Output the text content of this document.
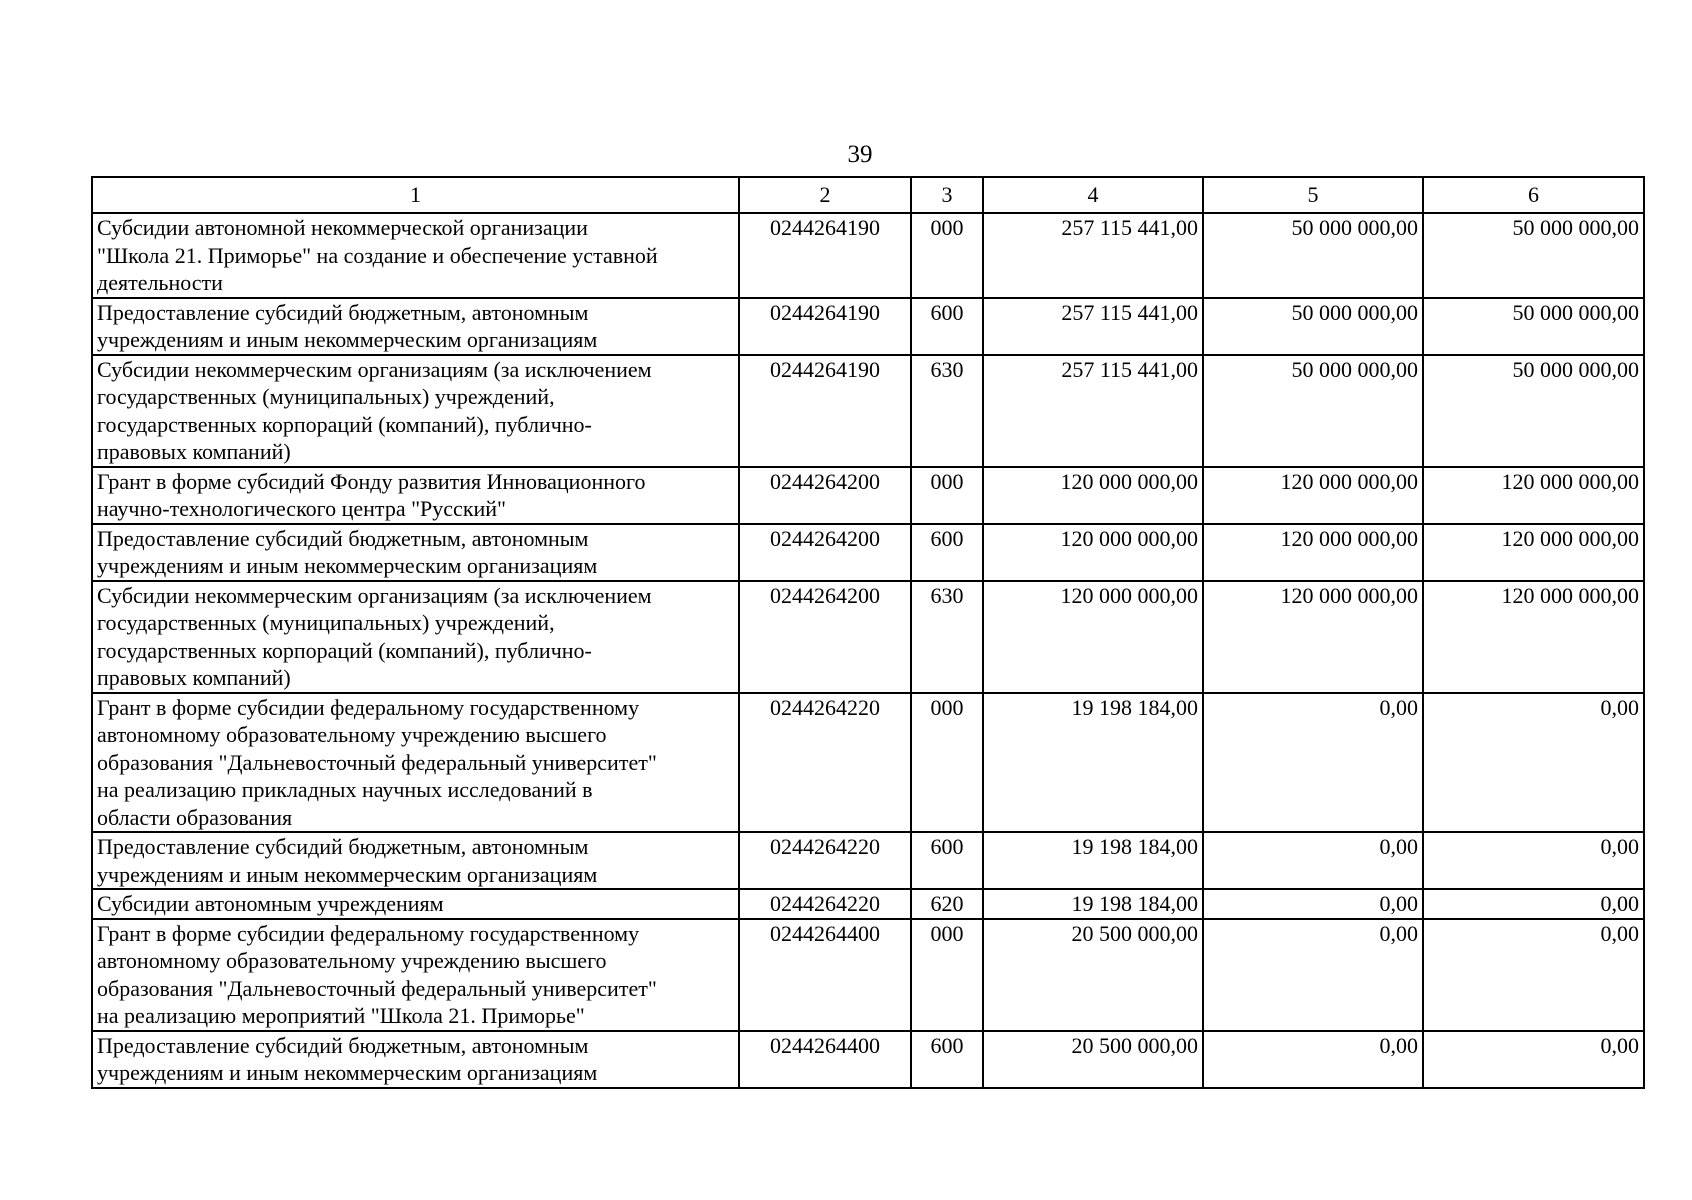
39
1	2	3	4	5	6
Субсидии автономной некоммерческой организации
"Школа 21. Приморье" на создание и обеспечение уставной
деятельности	0244264190	000	257 115 441,00	50 000 000,00	50 000 000,00
Предоставление субсидий бюджетным, автономным
учреждениям и иным некоммерческим организациям	0244264190	600	257 115 441,00	50 000 000,00	50 000 000,00
Субсидии некоммерческим организациям (за исключением
государственных (муниципальных) учреждений,
государственных корпораций (компаний), публично-
правовых компаний)	0244264190	630	257 115 441,00	50 000 000,00	50 000 000,00
Грант в форме субсидий Фонду развития Инновационного
научно-технологического центра "Русский"	0244264200	000	120 000 000,00	120 000 000,00	120 000 000,00
Предоставление субсидий бюджетным, автономным
учреждениям и иным некоммерческим организациям	0244264200	600	120 000 000,00	120 000 000,00	120 000 000,00
Субсидии некоммерческим организациям (за исключением
государственных (муниципальных) учреждений,
государственных корпораций (компаний), публично-
правовых компаний)	0244264200	630	120 000 000,00	120 000 000,00	120 000 000,00
Грант в форме субсидии федеральному государственному
автономному образовательному учреждению высшего
образования "Дальневосточный федеральный университет"
на реализацию прикладных научных исследований в
области образования	0244264220	000	19 198 184,00	0,00	0,00
Предоставление субсидий бюджетным, автономным
учреждениям и иным некоммерческим организациям	0244264220	600	19 198 184,00	0,00	0,00
Субсидии автономным учреждениям	0244264220	620	19 198 184,00	0,00	0,00
Грант в форме субсидии федеральному государственному
автономному образовательному учреждению высшего
образования "Дальневосточный федеральный университет"
на реализацию мероприятий "Школа 21. Приморье"	0244264400	000	20 500 000,00	0,00	0,00
Предоставление субсидий бюджетным, автономным
учреждениям и иным некоммерческим организациям	0244264400	600	20 500 000,00	0,00	0,00
